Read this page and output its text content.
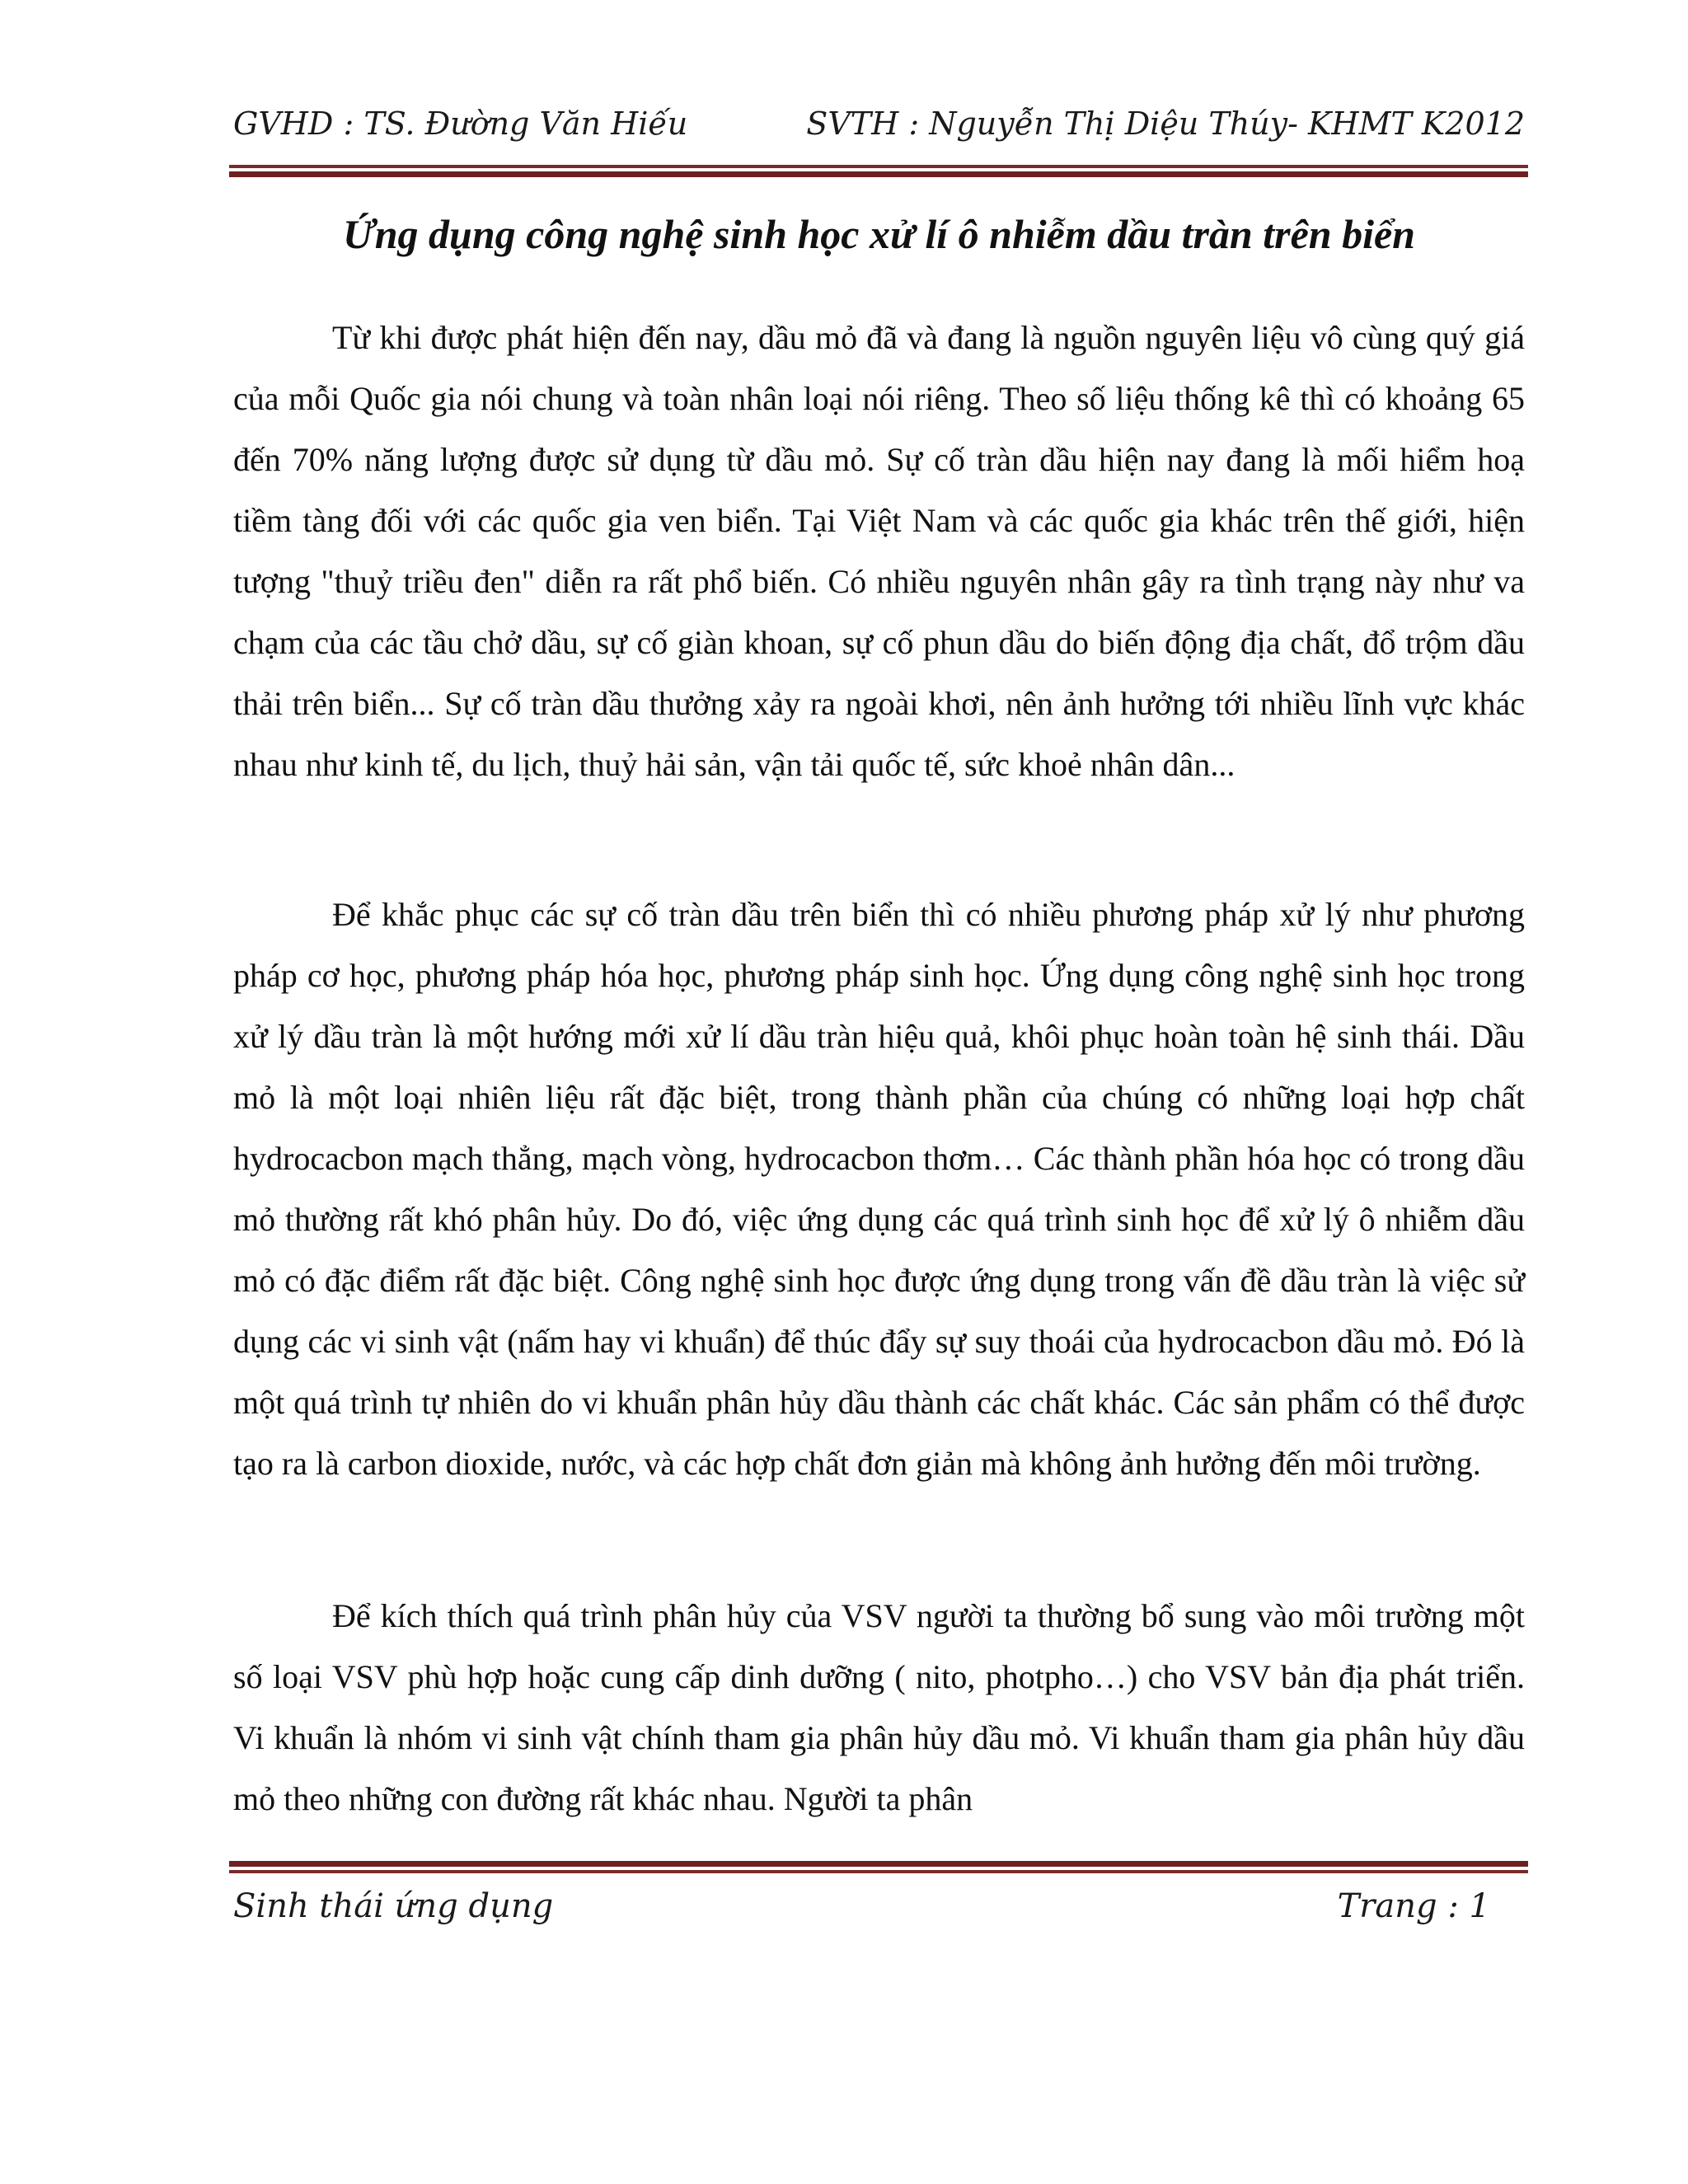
GVHD : TS. Đường Văn Hiếu	SVTH : Nguyễn Thị Diệu Thúy- KHMT K2012
Ứng dụng công nghệ sinh học xử lí ô nhiễm dầu tràn trên biển

Từ khi được phát hiện đến nay, dầu mỏ đã và đang là nguồn nguyên liệu vô cùng quý giá của mỗi Quốc gia nói chung và toàn nhân loại nói riêng. Theo số liệu thống kê thì có khoảng 65 đến 70% năng lượng được sử dụng từ dầu mỏ. Sự cố tràn dầu hiện nay đang là mối hiểm hoạ tiềm tàng đối với các quốc gia ven biển. Tại Việt Nam và các quốc gia khác trên thế giới, hiện tượng "thuỷ triều đen" diễn ra rất phổ biến. Có nhiều nguyên nhân gây ra tình trạng này như va chạm của các tầu chở dầu, sự cố giàn khoan, sự cố phun dầu do biến động địa chất, đổ trộm dầu thải trên biển... Sự cố tràn dầu thưởng xảy ra ngoài khơi, nên ảnh hưởng tới nhiều lĩnh vực khác nhau như kinh tế, du lịch, thuỷ hải sản, vận tải quốc tế, sức khoẻ nhân dân...

Để khắc phục các sự cố tràn dầu trên biển thì có nhiều phương pháp xử lý như phương pháp cơ học, phương pháp hóa học, phương pháp sinh học. Ứng dụng công nghệ sinh học trong xử lý dầu tràn là một hướng mới xử lí dầu tràn hiệu quả, khôi phục hoàn toàn hệ sinh thái. Dầu mỏ là một loại nhiên liệu rất đặc biệt, trong thành phần của chúng có những loại hợp chất hydrocacbon mạch thẳng, mạch vòng, hydrocacbon thơm… Các thành phần hóa học có trong dầu mỏ thường rất khó phân hủy. Do đó, việc ứng dụng các quá trình sinh học để xử lý ô nhiễm dầu mỏ có đặc điểm rất đặc biệt. Công nghệ sinh học được ứng dụng trong vấn đề dầu tràn là việc sử dụng các vi sinh vật (nấm hay vi khuẩn) để thúc đẩy sự suy thoái của hydrocacbon dầu mỏ. Đó là một quá trình tự nhiên do vi khuẩn phân hủy dầu thành các chất khác. Các sản phẩm có thể được tạo ra là carbon dioxide, nước, và các hợp chất đơn giản mà không ảnh hưởng đến môi trường.

Để kích thích quá trình phân hủy của VSV người ta thường bổ sung vào môi trường một số loại VSV phù hợp hoặc cung cấp dinh dưỡng ( nito, photpho…) cho VSV bản địa phát triển. Vi khuẩn là nhóm vi sinh vật chính tham gia phân hủy dầu mỏ. Vi khuẩn tham gia phân hủy dầu mỏ theo những con đường rất khác nhau. Người ta phân

Sinh thái ứng dụng	Trang : 1
